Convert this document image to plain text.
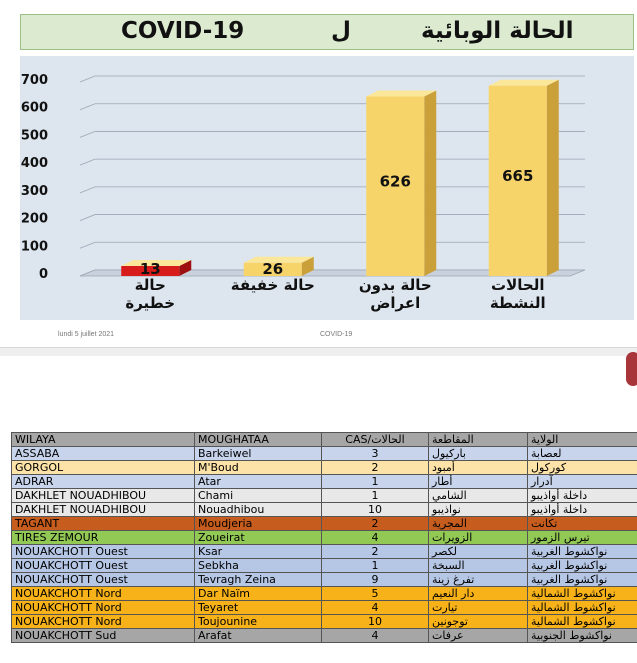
COVID-19	ل	الحالة الوبائية
0
100
200
300
400
500
600
700
13
حالة
خطيرة
26
حالة خفيفة
626
حالة بدون
اعراض
665
الحالات
النشطة
lundi 5 juillet 2021	COVID-19
WILAYA	MOUGHATAA	CAS/الحالات	المقاطعة	الولاية
ASSABA	Barkeiwel	3	باركيول	لعصابة
GORGOL	M'Boud	2	أمبود	كوركول
ADRAR	Atar	1	أطار	آدرار
DAKHLET NOUADHIBOU	Chami	1	الشامي	داخلة أواذيبو
DAKHLET NOUADHIBOU	Nouadhibou	10	نواذيبو	داخلة أواذيبو
TAGANT	Moudjeria	2	المجرية	تكانت
TIRES ZEMOUR	Zoueirat	4	الزويرات	تيرس الزمور
NOUAKCHOTT Ouest	Ksar	2	لكصر	نواكشوط الغربية
NOUAKCHOTT Ouest	Sebkha	1	السبخة	نواكشوط الغربية
NOUAKCHOTT Ouest	Tevragh Zeina	9	تفرغ زينة	نواكشوط الغربية
NOUAKCHOTT Nord	Dar Naïm	5	دار النعيم	نواكشوط الشمالية
NOUAKCHOTT Nord	Teyaret	4	تيارت	نواكشوط الشمالية
NOUAKCHOTT Nord	Toujounine	10	توجونين	نواكشوط الشمالية
NOUAKCHOTT Sud	Arafat	4	عرفات	نواكشوط الجنوبية
